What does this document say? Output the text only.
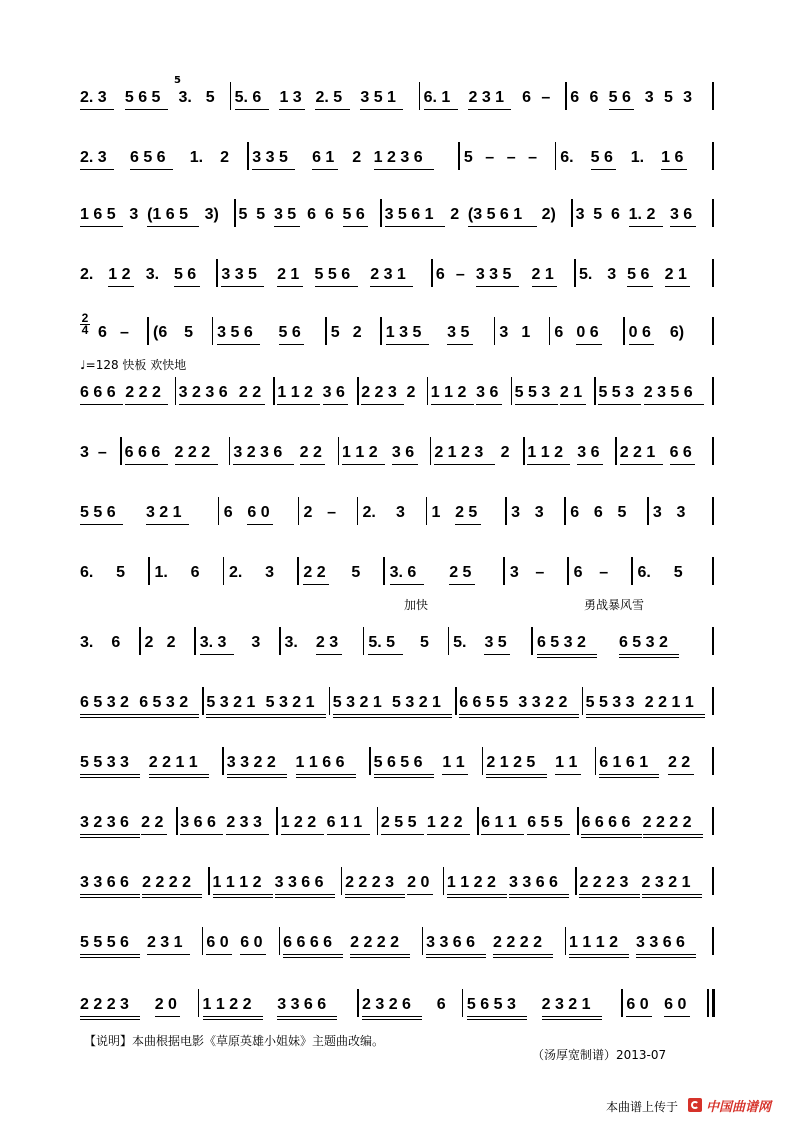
2. 3 5 6 5 3. 5 5. 6 1 3 2. 5 3 5 1 6. 1 2 3 1 6 – 6 6 5 6 3 5 3
2. 3 6 5 6 1. 2 3 3 5 6 1 2 1 2 3 6	5 – – – 6. 5 6 1. 1 6
1 6 5 3 (1 6 5 3) 5 5 3 5 6 6 5 6 3 5 6 1 2 (3 5 6 1 2) 3 5 6 1. 2 3 6
2. 1 2 3. 5 6 3 3 5 2 1 5 5 6 2 3 1 6 – 3 3 5 2 1 5. 3 5 6 2 1
6 – (6 5 3 5 6 5 6 5 2 1 3 5 3 5 3 1 6 0 6 0 6 6)
6 6 6 2 2 2 3 2 3 6 2 2 1 1 2 3 6 2 2 3 2 1 1 2 3 6 5 5 3 2 1 5 5 3 2 3 5 6
3 – 6 6 6 2 2 2 3 2 3 6 2 2 1 1 2 3 6 2 1 2 3 2 1 1 2 3 6 2 2 1 6 6
5 5 6 3 2 1	6 6 0 2 – 2. 3 1 2 5 3 3 6 6 5 3 3
6. 5 1. 6 2. 3 2 2 5 3. 6 2 5 3 – 6 – 6. 5
3. 6 2 2 3. 3 3 3. 2 3 5. 5 5 5. 3 5 6 5 3 2 6 5 3 2
6 5 3 2 6 5 3 2 5 3 2 1 5 3 2 1 5 3 2 1 5 3 2 1 6 6 5 5 3 3 2 2 5 5 3 3 2 2 1 1
5 5 3 3 2 2 1 1 3 3 2 2 1 1 6 6 5 6 5 6 1 1 2 1 2 5 1 1 6 1 6 1 2 2
3 2 3 6 2 2 3 6 6 2 3 3 1 2 2 6 1 1 2 5 5 1 2 2 6 1 1 6 5 5 6 6 6 6 2 2 2 2
3 3 6 6 2 2 2 2 1 1 1 2 3 3 6 6 2 2 2 3 2 0 1 1 2 2 3 3 6 6 2 2 2 3 2 3 2 1
5 5 5 6 2 3 1 6 0 6 0 6 6 6 6 2 2 2 2 3 3 6 6 2 2 2 2 1 1 1 2 3 3 6 6
2 2 2 3 2 0 1 1 2 2 3 3 6 6 2 3 2 6 6 5 6 5 3 2 3 2 1 6 0 6 0
♩=128 快板 欢快地
加快	勇战暴风雪
5
2
4
【说明】本曲根据电影《草原英雄小姐妹》主题曲改编。
（汤厚宽制谱）2013-07
本曲谱上传于 中国曲谱网
